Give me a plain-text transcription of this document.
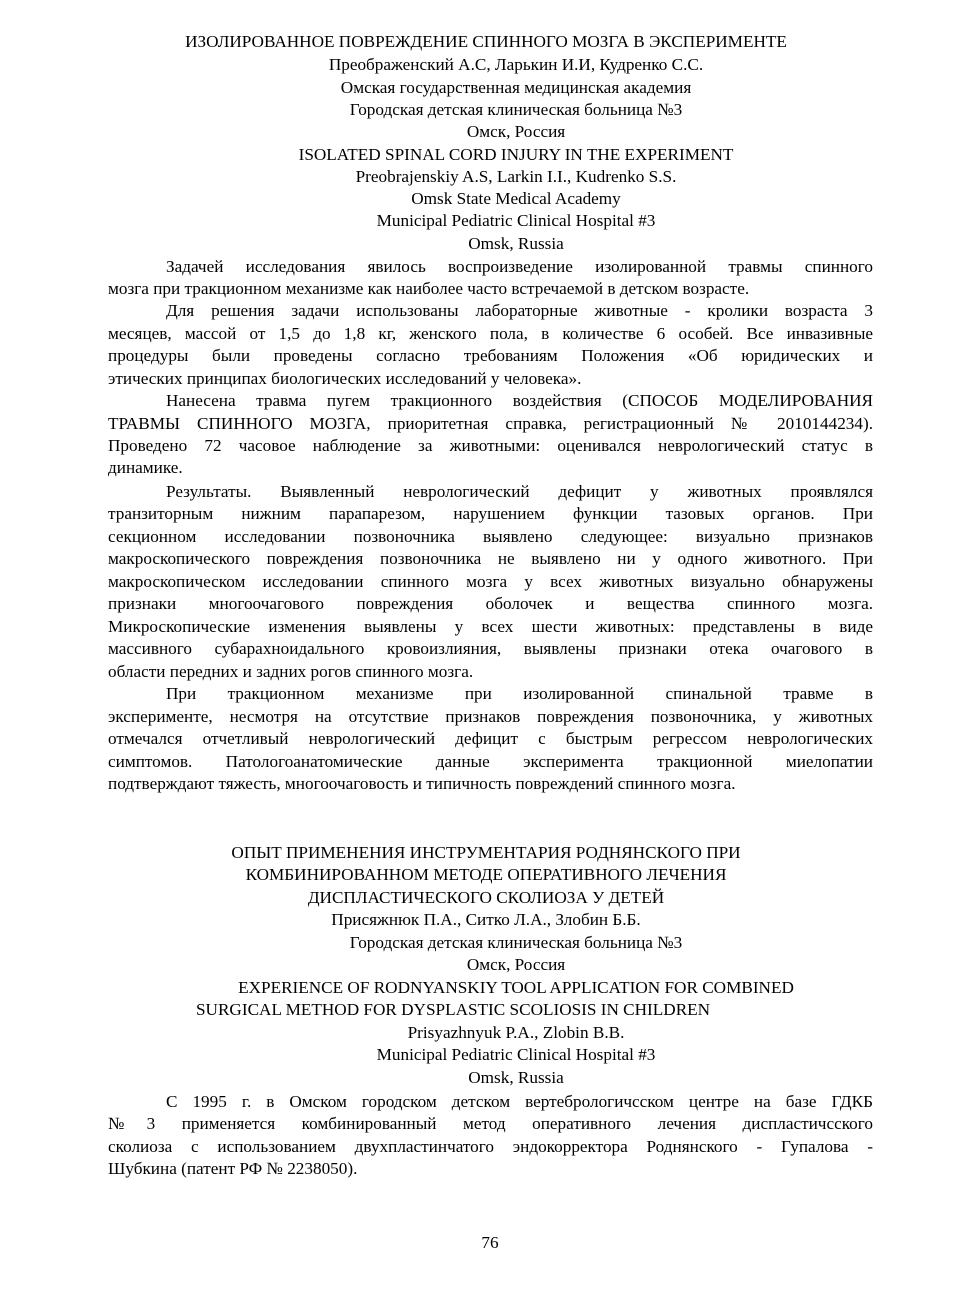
ИЗОЛИРОВАННОЕ ПОВРЕЖДЕНИЕ СПИННОГО МОЗГА В ЭКСПЕРИМЕНТЕ
Преображенский А.С, Ларькин И.И, Кудренко С.С.
Омская государственная медицинская академия
Городская детская клиническая больница №3
Омск, Россия
ISOLATED SPINAL CORD INJURY IN THE EXPERIMENT
Preobrajenskiy A.S, Larkin I.I., Kudrenko S.S.
Omsk State Medical Academy
Municipal Pediatric Clinical Hospital #3
Omsk, Russia
Задачей исследования явилось воспроизведение изолированной травмы спинного
мозга при тракционном механизме как наиболее часто встречаемой в детском возрасте.
Для решения задачи использованы лабораторные животные - кролики возраста 3
месяцев, массой от 1,5 до 1,8 кг, женского пола, в количестве 6 особей. Все инвазивные
процедуры были проведены согласно требованиям Положения «Об юридических и
этических принципах биологических исследований у человека».
Нанесена травма пугем тракционного воздействия (СПОСОБ МОДЕЛИРОВАНИЯ
ТРАВМЫ СПИННОГО МОЗГА, приоритетная справка, регистрационный № 2010144234).
Проведено 72 часовое наблюдение за животными: оценивался неврологический статус в
динамике.
Результаты. Выявленный неврологический дефицит у животных проявлялся
транзиторным нижним парапарезом, нарушением функции тазовых органов. При
секционном исследовании позвоночника выявлено следующее: визуально признаков
макроскопического повреждения позвоночника не выявлено ни у одного животного. При
макроскопическом исследовании спинного мозга у всех животных визуально обнаружены
признаки многоочагового повреждения оболочек и вещества спинного мозга.
Микроскопические изменения выявлены у всех шести животных: представлены в виде
массивного субарахноидального кровоизлияния, выявлены признаки отека очагового в
области передних и задних рогов спинного мозга.
При тракционном механизме при изолированной спинальной травме в
эксперименте, несмотря на отсутствие признаков повреждения позвоночника, у животных
отмечался отчетливый неврологический дефицит с быстрым регрессом неврологических
симптомов. Патологоанатомические данные эксперимента тракционной миелопатии
подтверждают тяжесть, многоочаговость и типичность повреждений спинного мозга.
ОПЫТ ПРИМЕНЕНИЯ ИНСТРУМЕНТАРИЯ РОДНЯНСКОГО ПРИ
КОМБИНИРОВАННОМ МЕТОДЕ ОПЕРАТИВНОГО ЛЕЧЕНИЯ
ДИСПЛАСТИЧЕСКОГО СКОЛИОЗА У ДЕТЕЙ
Присяжнюк П.А., Ситко Л.А., Злобин Б.Б.
Городская детская клиническая больница №3
Омск, Россия
EXPERIENCE OF RODNYANSKIY TOOL APPLICATION FOR COMBINED
SURGICAL METHOD FOR DYSPLASTIC SCOLIOSIS IN CHILDREN
Prisyazhnyuk P.A., Zlobin B.B.
Municipal Pediatric Clinical Hospital #3
Omsk, Russia
С 1995 г. в Омском городском детском вертебрологичсском центре на базе ГДКБ
№3 применяется комбинированный метод оперативного лечения диспластичсского
сколиоза с использованием двухпластинчатого эндокорректора Роднянского - Гупалова -
Шубкина (патент РФ № 2238050).
76
